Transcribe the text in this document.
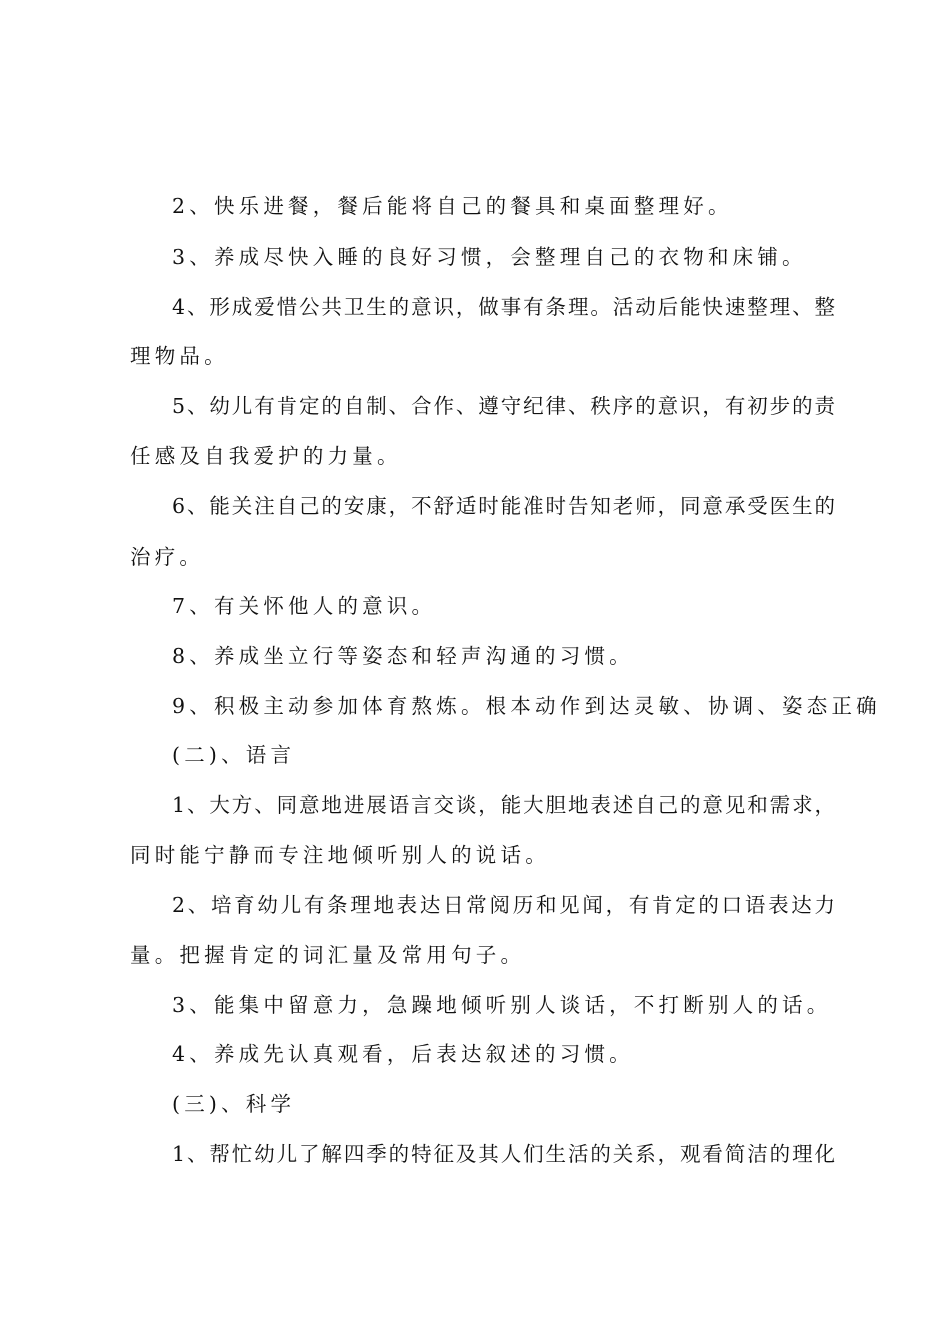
2、快乐进餐，餐后能将自己的餐具和桌面整理好。
3、养成尽快入睡的良好习惯，会整理自己的衣物和床铺。
4、形成爱惜公共卫生的意识，做事有条理。活动后能快速整理、整
理物品。
5、幼儿有肯定的自制、合作、遵守纪律、秩序的意识，有初步的责
任感及自我爱护的力量。
6、能关注自己的安康，不舒适时能准时告知老师，同意承受医生的
治疗。
7、有关怀他人的意识。
8、养成坐立行等姿态和轻声沟通的习惯。
9、积极主动参加体育熬炼。根本动作到达灵敏、协调、姿态正确
(二)、语言
1、大方、同意地进展语言交谈，能大胆地表述自己的意见和需求，
同时能宁静而专注地倾听别人的说话。
2、培育幼儿有条理地表达日常阅历和见闻，有肯定的口语表达力
量。把握肯定的词汇量及常用句子。
3、能集中留意力，急躁地倾听别人谈话，不打断别人的话。
4、养成先认真观看，后表达叙述的习惯。
(三)、科学
1、帮忙幼儿了解四季的特征及其人们生活的关系，观看简洁的理化
